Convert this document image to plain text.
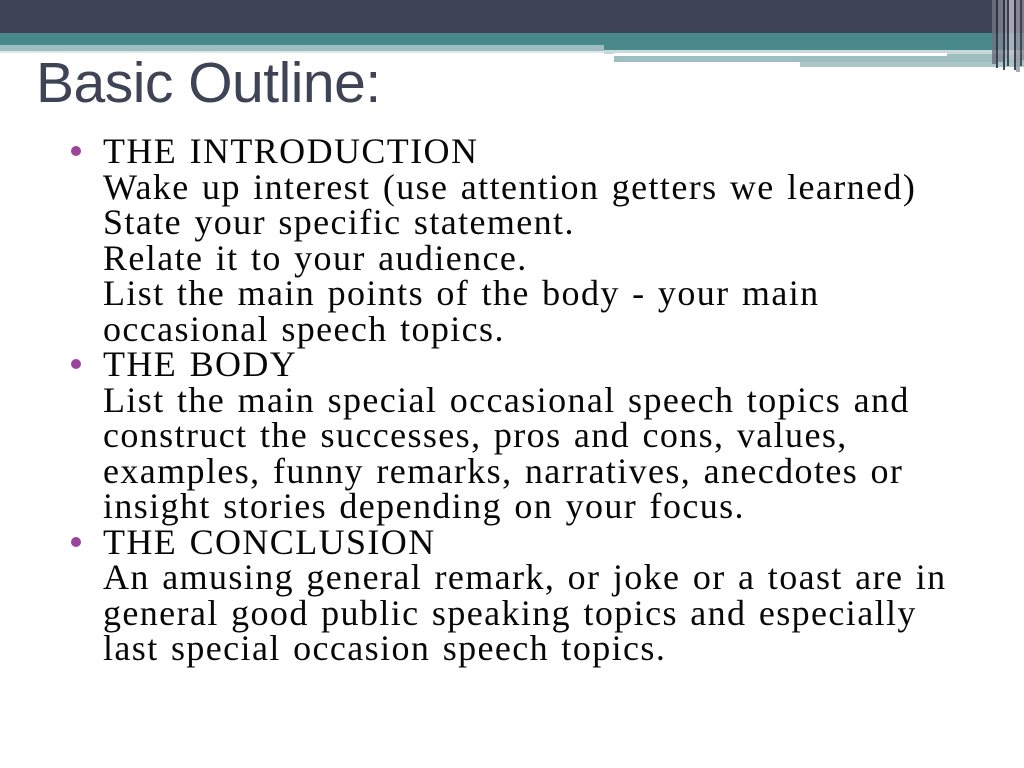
Basic Outline:
THE INTRODUCTION
Wake up interest (use attention getters we learned)
State your specific statement.
Relate it to your audience.
List the main points of the body - your main
occasional speech topics.
THE BODY
List the main special occasional speech topics and
construct the successes, pros and cons, values,
examples, funny remarks, narratives, anecdotes or
insight stories depending on your focus.
THE CONCLUSION
An amusing general remark, or joke or a toast are in
general good public speaking topics and especially
last special occasion speech topics.
